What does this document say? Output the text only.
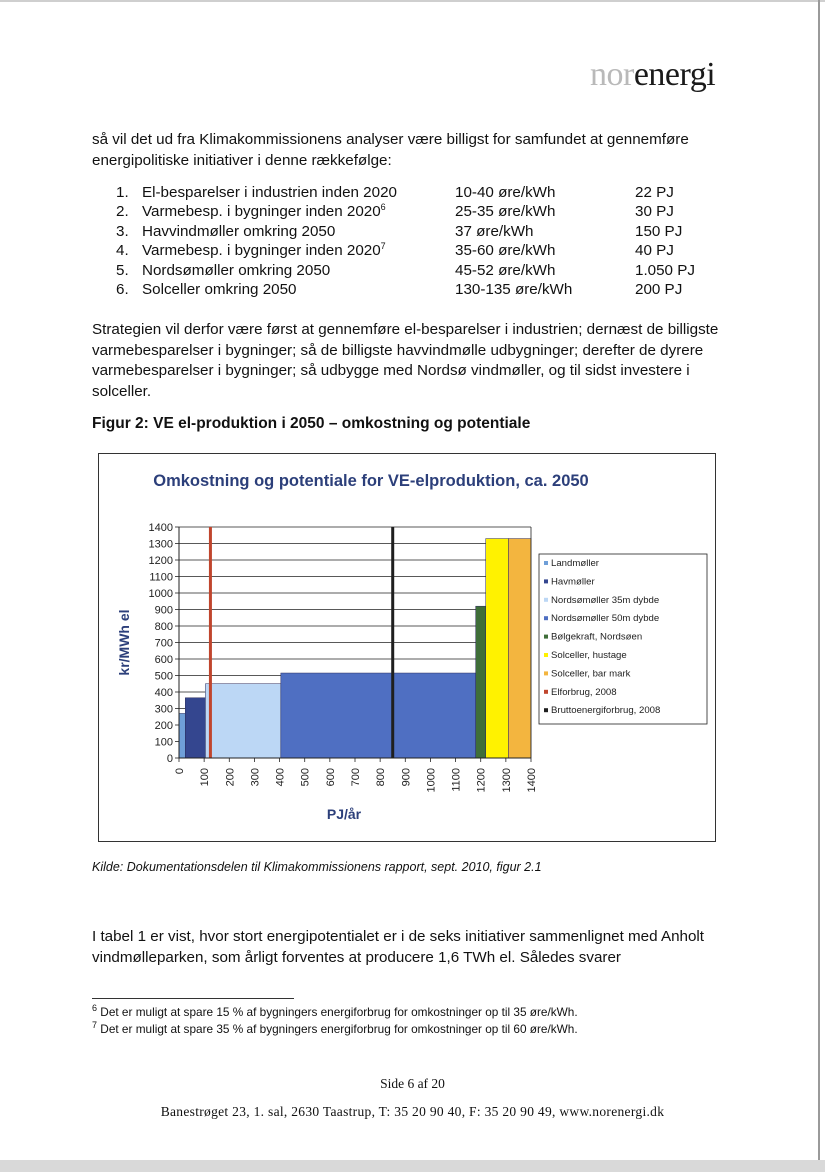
norenergi
så vil det ud fra Klimakommissionens analyser være billigst for samfundet at gennemføre energipolitiske initiativer i denne rækkefølge:
1. El-besparelser i industrien inden 2020	10-40 øre/kWh	22 PJ
2. Varmebesp. i bygninger inden 2020$^6$	25-35 øre/kWh	30 PJ
3. Havvindmøller omkring 2050	37 øre/kWh	150 PJ
4. Varmebesp. i bygninger inden 2020$^7$	35-60 øre/kWh	40 PJ
5. Nordsømøller omkring 2050	45-52 øre/kWh	1.050 PJ
6. Solceller omkring 2050	130-135 øre/kWh	200 PJ
Strategien vil derfor være først at gennemføre el-besparelser i industrien; dernæst de billigste varmebesparelser i bygninger; så de billigste havvindmølle udbygninger; derefter de dyrere varmebesparelser i bygninger; så udbygge med Nordsø vindmøller, og til sidst investere i solceller.
Figur 2: VE el-produktion i 2050 – omkostning og potentiale
Omkostning og potentiale for VE-elproduktion, ca. 2050
0
100
200
300
400
500
600
700
800
900
1000
1100
1200
1300
1400
0 100 200 300 400 500 600 700 800 900 1000 1100 1200 1300 1400
Landmøller
Havmøller
Nordsømøller 35m dybde
Nordsømøller 50m dybde
Bølgekraft, Nordsøen
Solceller, hustage
Solceller, bar mark
Elforbrug, 2008
Bruttoenergiforbrug, 2008
kr/MWh el
PJ/år
Kilde: Dokumentationsdelen til Klimakommissionens rapport, sept. 2010, figur 2.1
I tabel 1 er vist, hvor stort energipotentialet er i de seks initiativer sammenlignet med Anholt vindmølleparken, som årligt forventes at producere 1,6 TWh el. Således svarer
$^6$ Det er muligt at spare 15 % af bygningers energiforbrug for omkostninger op til 35 øre/kWh.
$^7$ Det er muligt at spare 35 % af bygningers energiforbrug for omkostninger op til 60 øre/kWh.
Side 6 af 20
Banestrøget 23, 1. sal, 2630 Taastrup, T: 35 20 90 40, F: 35 20 90 49, www.norenergi.dk
